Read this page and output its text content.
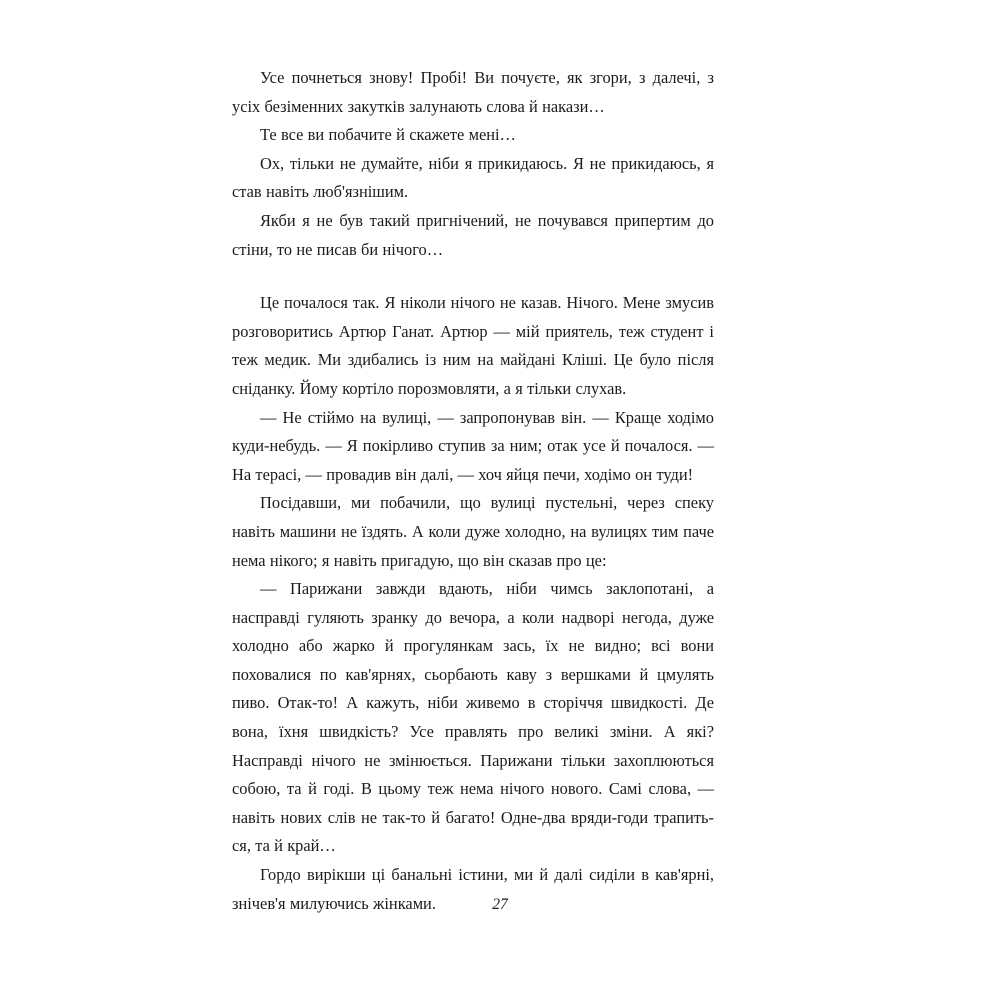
Усе почнеться знову! Пробі! Ви почуєте, як згори, з далечі, з усіх безіменних закутків залунають слова й накази…

Те все ви побачите й скажете мені…

Ох, тільки не думайте, ніби я прикидаюсь. Я не прикидаюсь, я став навіть люб'язнішим.

Якби я не був такий пригнічений, не почувався припертим до стіни, то не писав би нічого…

Це почалося так. Я ніколи нічого не казав. Нічого. Мене змусив розговоритись Артюр Ганат. Артюр — мій приятель, теж студент і теж медик. Ми здибались із ним на майдані Кліші. Це було після сніданку. Йому кортіло порозмовляти, а я тільки слухав.

— Не стіймо на вулиці, — запропонував він. — Краще ходімо куди-небудь. — Я покірливо ступив за ним; отак усе й почалося. — На терасі, — провадив він далі, — хоч яйця печи, ходімо он туди!

Посідавши, ми побачили, що вулиці пустельні, через спеку навіть машини не їздять. А коли дуже холодно, на вулицях тим паче нема нікого; я навіть пригадую, що він сказав про це:

— Парижани завжди вдають, ніби чимсь заклопотані, а насправді гуляють зранку до вечора, а коли надворі негода, дуже холодно або жарко й прогулянкам зась, їх не видно; всі вони поховалися по кав'ярнях, сьорбають каву з вершками й цмулять пиво. Отак-то! А кажуть, ніби живемо в сторіччя швидкості. Де вона, їхня швидкість? Усе правлять про великі зміни. А які? Насправді нічого не змінюється. Парижани тільки захоплюються собою, та й годі. В цьому теж нема нічого нового. Самі слова, — навіть нових слів не так-то й багато! Одне-два вряди-годи трапиться, та й край…

Гордо вирікши ці банальні істини, ми й далі сиділи в кав'ярні, знічев'я милуючись жінками.	27
